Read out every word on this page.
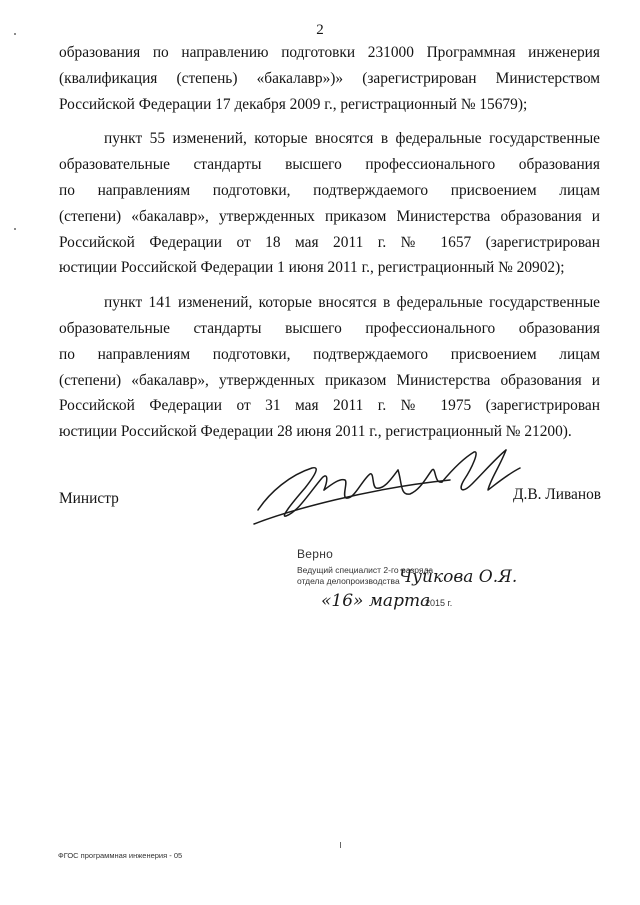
2
образования по направлению подготовки 231000 Программная инженерия
(квалификация (степень) «бакалавр»)» (зарегистрирован Министерством
Российской Федерации 17 декабря 2009 г., регистрационный № 15679);
пункт 55 изменений, которые вносятся в федеральные государственные
образовательные стандарты высшего профессионального образования
по направлениям подготовки, подтверждаемого присвоением лицам
(степени) «бакалавр», утвержденных приказом Министерства образования и
Российской Федерации от 18 мая 2011 г. № 1657 (зарегистрирован
юстиции Российской Федерации 1 июня 2011 г., регистрационный № 20902);
пункт 141 изменений, которые вносятся в федеральные государственные
образовательные стандарты высшего профессионального образования
по направлениям подготовки, подтверждаемого присвоением лицам
(степени) «бакалавр», утвержденных приказом Министерства образования и
Российской Федерации от 31 мая 2011 г. № 1975 (зарегистрирован
юстиции Российской Федерации 28 июня 2011 г., регистрационный № 21200).
Министр	Д.В. Ливанов
Верно
Ведущий специалист 2-го разряда
отдела делопроизводства Чуйкова О.Я.
«16» марта
2015 г.
ФГОС программная инженерия - 05
